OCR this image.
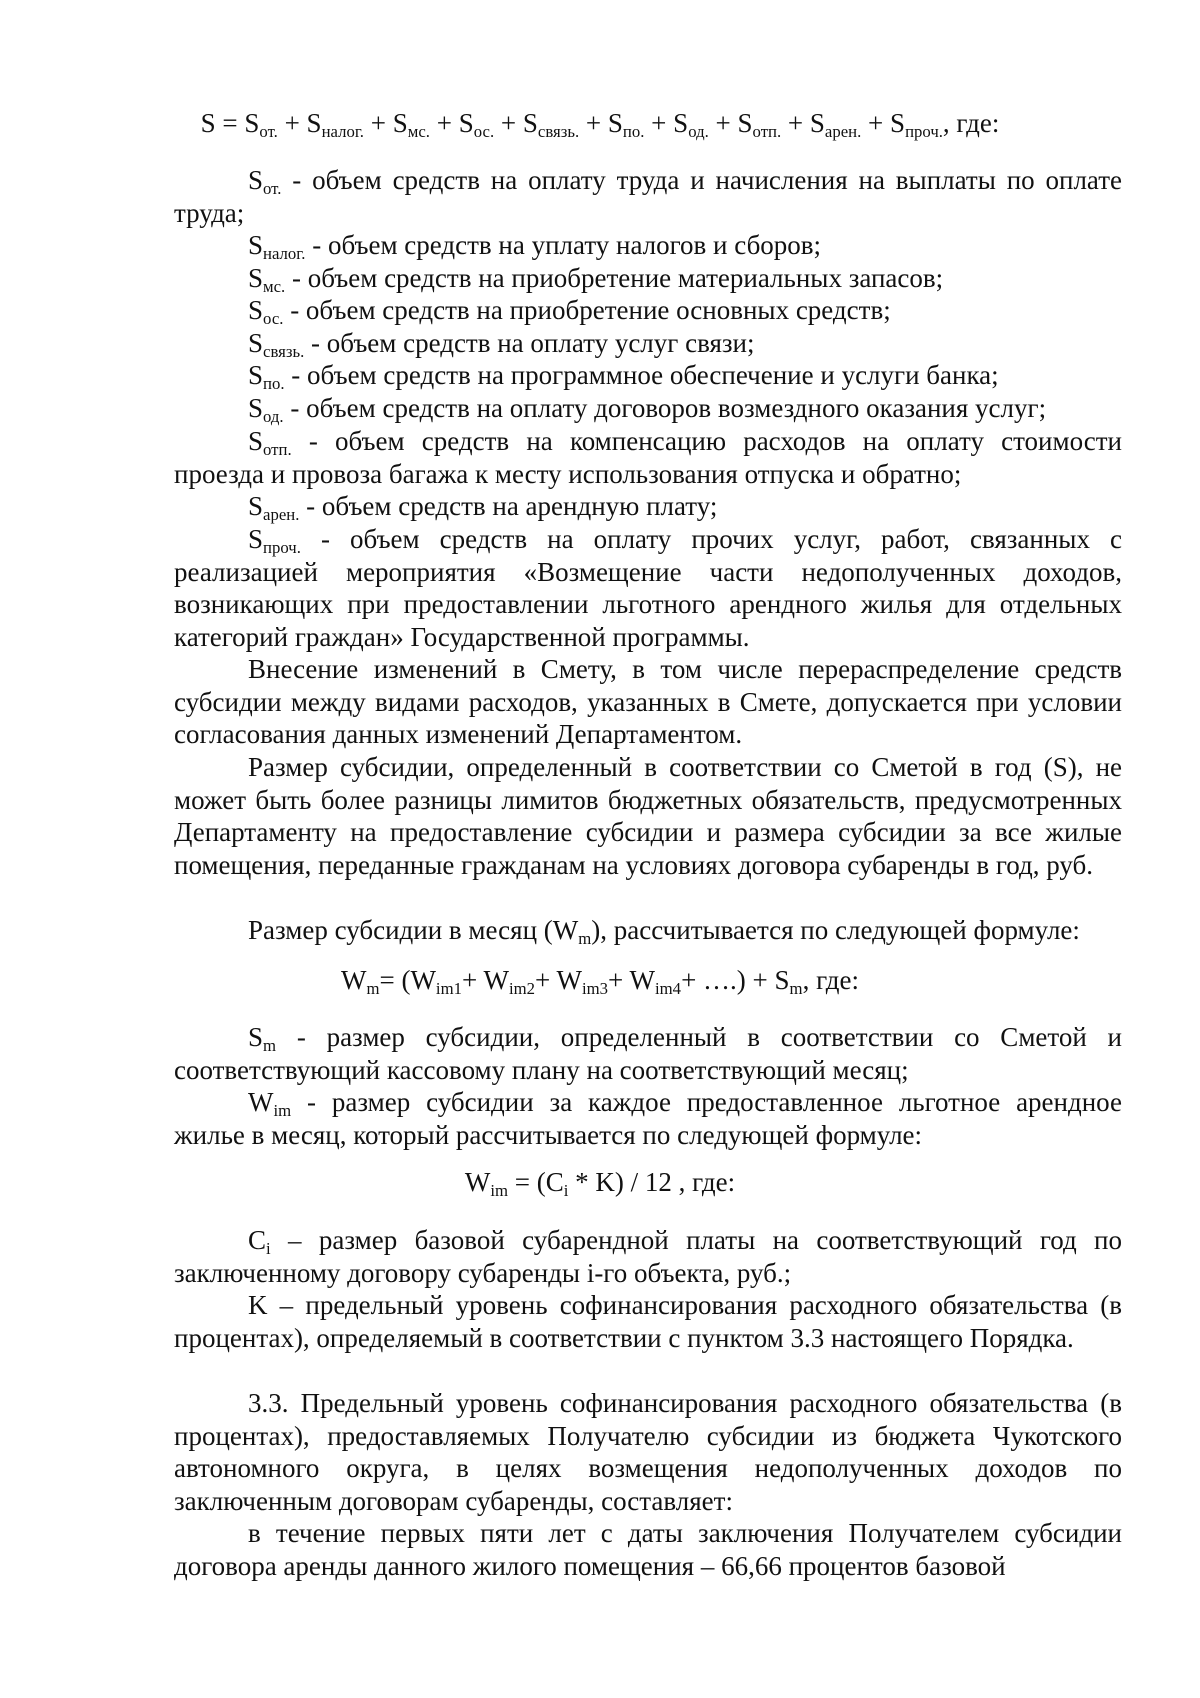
$S = S_{от.} + S_{налог.} + S_{мс.} + S_{ос.} + S_{связь.} + S_{по.} + S_{од.} + S_{отп.} + S_{арен.} + S_{проч.}$, где:

$S_{от.}$ - объем средств на оплату труда и начисления на выплаты по оплате труда;

$S_{налог.}$ - объем средств на уплату налогов и сборов;

$S_{мс.}$ - объем средств на приобретение материальных запасов;

$S_{ос.}$ - объем средств на приобретение основных средств;

$S_{связь.}$ - объем средств на оплату услуг связи;

$S_{по.}$ - объем средств на программное обеспечение и услуги банка;

$S_{од.}$ - объем средств на оплату договоров возмездного оказания услуг;

$S_{отп.}$ - объем средств на компенсацию расходов на оплату стоимости проезда и провоза багажа к месту использования отпуска и обратно;

$S_{арен.}$ - объем средств на арендную плату;

$S_{проч.}$ - объем средств на оплату прочих услуг, работ, связанных с реализацией мероприятия «Возмещение части недополученных доходов, возникающих при предоставлении льготного арендного жилья для отдельных категорий граждан» Государственной программы.

Внесение изменений в Смету, в том числе перераспределение средств субсидии между видами расходов, указанных в Смете, допускается при условии согласования данных изменений Департаментом.

Размер субсидии, определенный в соответствии со Сметой в год (S), не может быть более разницы лимитов бюджетных обязательств, предусмотренных Департаменту на предоставление субсидии и размера субсидии за все жилые помещения, переданные гражданам на условиях договора субаренды в год, руб.

Размер субсидии в месяц $(W_m)$, рассчитывается по следующей формуле:

$W_m= (W_{im1}+ W_{im2}+ W_{im3}+ W_{im4}+$ ….) + $S_m$, где:

$S_m$ - размер субсидии, определенный в соответствии со Сметой и соответствующий кассовому плану на соответствующий месяц;

$W_{im}$ - размер субсидии за каждое предоставленное льготное арендное жилье в месяц, который рассчитывается по следующей формуле:

$W_{im} = (C_i * K) / 12$ , где:

$C_i$ – размер базовой субарендной платы на соответствующий год по заключенному договору субаренды i-го объекта, руб.;

K – предельный уровень софинансирования расходного обязательства (в процентах), определяемый в соответствии с пунктом 3.3 настоящего Порядка.

3.3. Предельный уровень софинансирования расходного обязательства (в процентах), предоставляемых Получателю субсидии из бюджета Чукотского автономного округа, в целях возмещения недополученных доходов по заключенным договорам субаренды, составляет:

в течение первых пяти лет с даты заключения Получателем субсидии договора аренды данного жилого помещения – 66,66 процентов базовой
